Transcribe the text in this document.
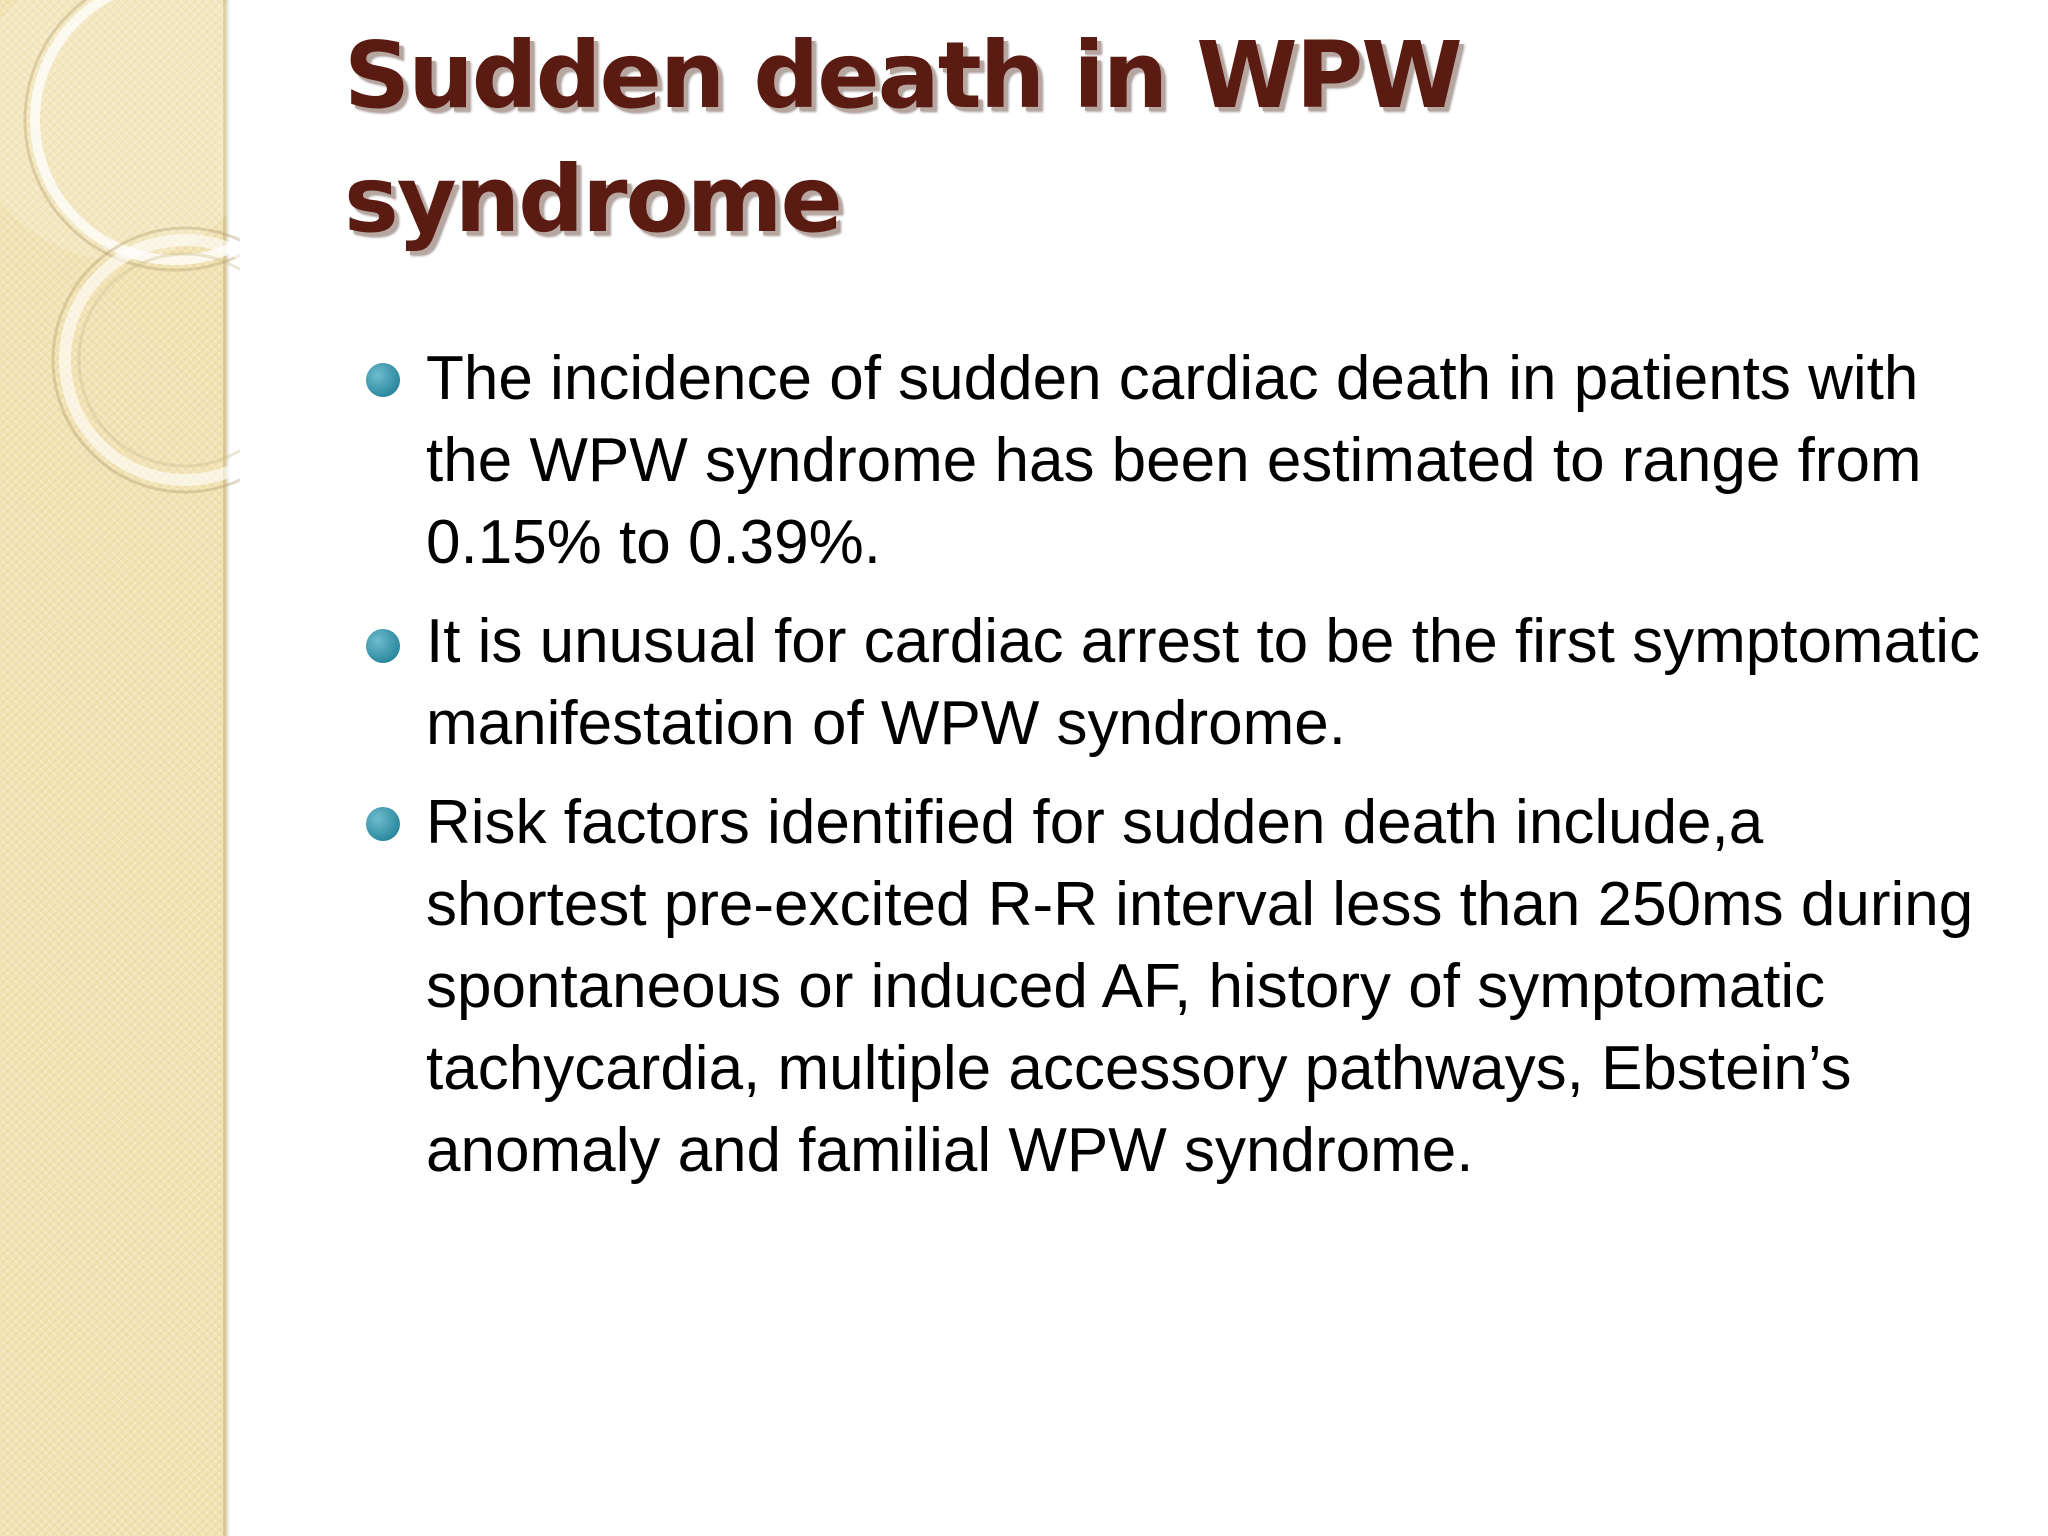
Sudden death in WPW syndrome
The incidence of sudden cardiac death in patients with the WPW syndrome has been estimated to range from 0.15% to 0.39%.
It is unusual for cardiac arrest to be the first symptomatic manifestation of WPW syndrome.
Risk factors identified for sudden death include,a shortest pre-excited R-R interval less than 250ms during spontaneous or induced AF, history of symptomatic tachycardia, multiple accessory pathways, Ebstein’s anomaly and familial WPW syndrome.
